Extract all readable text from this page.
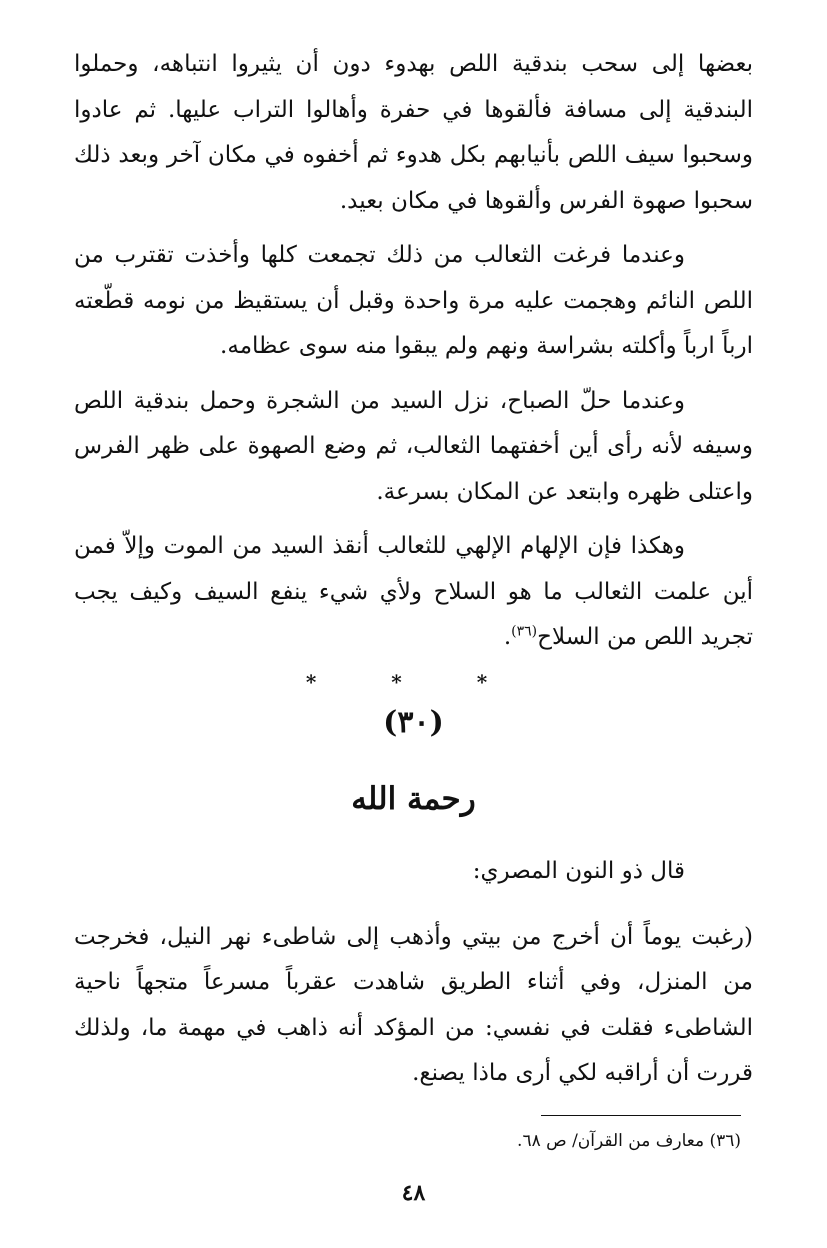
بعضها إلى سحب بندقية اللص بهدوء دون أن يثيروا انتباهه، وحملوا البندقية إلى مسافة فألقوها في حفرة وأهالوا التراب عليها. ثم عادوا وسحبوا سيف اللص بأنيابهم بكل هدوء ثم أخفوه في مكان آخر وبعد ذلك سحبوا صهوة الفرس وألقوها في مكان بعيد.

وعندما فرغت الثعالب من ذلك تجمعت كلها وأخذت تقترب من اللص النائم وهجمت عليه مرة واحدة وقبل أن يستقيظ من نومه قطّعته ارباً ارباً وأكلته بشراسة ونهم ولم يبقوا منه سوى عظامه.

وعندما حلّ الصباح، نزل السيد من الشجرة وحمل بندقية اللص وسيفه لأنه رأى أين أخفتهما الثعالب، ثم وضع الصهوة على ظهر الفرس واعتلى ظهره وابتعد عن المكان بسرعة.

وهكذا فإن الإلهام الإلهي للثعالب أنقذ السيد من الموت وإلاّ فمن أين علمت الثعالب ما هو السلاح ولأي شيء ينفع السيف وكيف يجب تجريد اللص من السلاح$^{(٣٦)}$.

* * *
(٣٠)
رحمة الله

قال ذو النون المصري:

(رغبت يوماً أن أخرج من بيتي وأذهب إلى شاطىء نهر النيل، فخرجت من المنزل، وفي أثناء الطريق شاهدت عقرباً مسرعاً متجهاً ناحية الشاطىء فقلت في نفسي: من المؤكد أنه ذاهب في مهمة ما، ولذلك قررت أن أراقبه لكي أرى ماذا يصنع.

(٣٦) معارف من القرآن/ ص ٦٨.
٤٨
